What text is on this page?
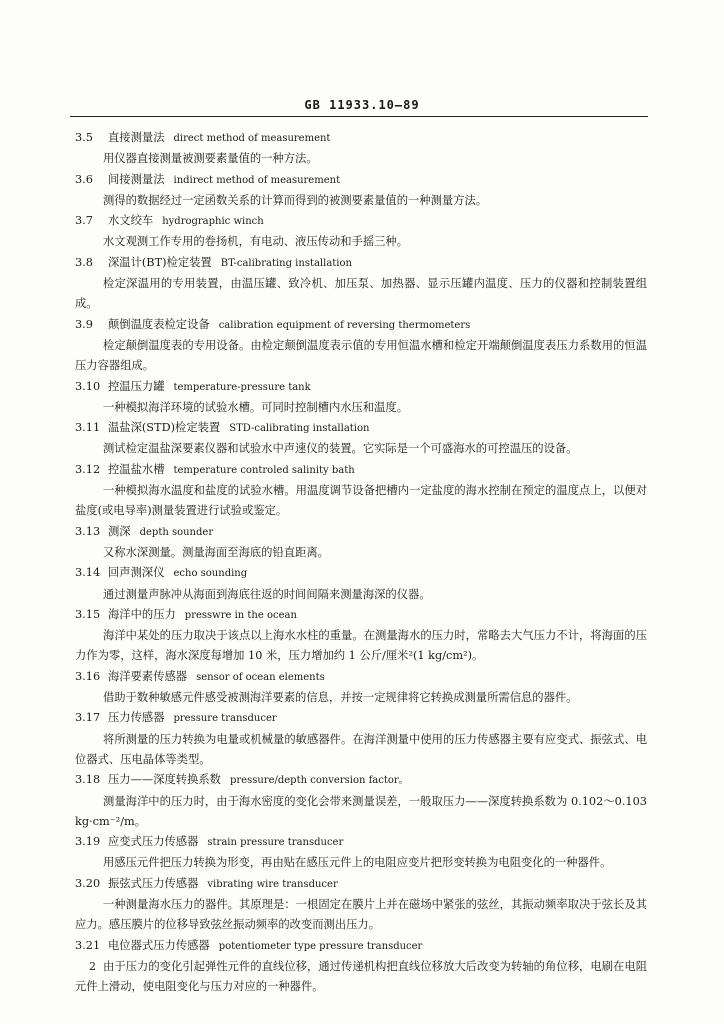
GB 11933.10—89
3.5 直接测量法 direct method of measurement
用仪器直接测量被测要素量值的一种方法。
3.6 间接测量法 indirect method of measurement
测得的数据经过一定函数关系的计算而得到的被测要素量值的一种测量方法。
3.7 水文绞车 hydrographic winch
水文观测工作专用的卷扬机，有电动、液压传动和手摇三种。
3.8 深温计(BT)检定装置 BT-calibrating installation
检定深温用的专用装置，由温压罐、致冷机、加压泵、加热器、显示压罐内温度、压力的仪器和控制装置组成。
3.9 颠倒温度表检定设备 calibration equipment of reversing thermometers
检定颠倒温度表的专用设备。由检定颠倒温度表示值的专用恒温水槽和检定开端颠倒温度表压力系数用的恒温压力容器组成。
3.10 控温压力罐 temperature-pressure tank
一种模拟海洋环境的试验水槽。可同时控制槽内水压和温度。
3.11 温盐深(STD)检定装置 STD-calibrating installation
测试检定温盐深要素仪器和试验水中声速仪的装置。它实际是一个可盛海水的可控温压的设备。
3.12 控温盐水槽 temperature controled salinity bath
一种模拟海水温度和盐度的试验水槽。用温度调节设备把槽内一定盐度的海水控制在预定的温度点上，以便对盐度(或电导率)测量装置进行试验或鉴定。
3.13 测深 depth sounder
又称水深测量。测量海面至海底的铅直距离。
3.14 回声测深仪 echo sounding
通过测量声脉冲从海面到海底往返的时间间隔来测量海深的仪器。
3.15 海洋中的压力 presswre in the ocean
海洋中某处的压力取决于该点以上海水水柱的重量。在测量海水的压力时，常略去大气压力不计，将海面的压力作为零，这样，海水深度每增加 10 米，压力增加约 1 公斤/厘米²(1 kg/cm²)。
3.16 海洋要素传感器 sensor of ocean elements
借助于数种敏感元件感受被测海洋要素的信息，并按一定规律将它转换成测量所需信息的器件。
3.17 压力传感器 pressure transducer
将所测量的压力转换为电量或机械量的敏感器件。在海洋测量中使用的压力传感器主要有应变式、振弦式、电位器式、压电晶体等类型。
3.18 压力——深度转换系数 pressure/depth conversion factor。
测量海洋中的压力时，由于海水密度的变化会带来测量误差，一般取压力——深度转换系数为 0.102～0.103 kg·cm⁻²/m。
3.19 应变式压力传感器 strain pressure transducer
用感压元件把压力转换为形变，再由贴在感压元件上的电阻应变片把形变转换为电阻变化的一种器件。
3.20 振弦式压力传感器 vibrating wire transducer
一种测量海水压力的器件。其原理是：一根固定在膜片上并在磁场中紧张的弦丝，其振动频率取决于弦长及其应力。感压膜片的位移导致弦丝振动频率的改变而测出压力。
3.21 电位器式压力传感器 potentiometer type pressure transducer
由于压力的变化引起弹性元件的直线位移，通过传递机构把直线位移放大后改变为转轴的角位移，电刷在电阻元件上滑动，使电阻变化与压力对应的一种器件。
2
